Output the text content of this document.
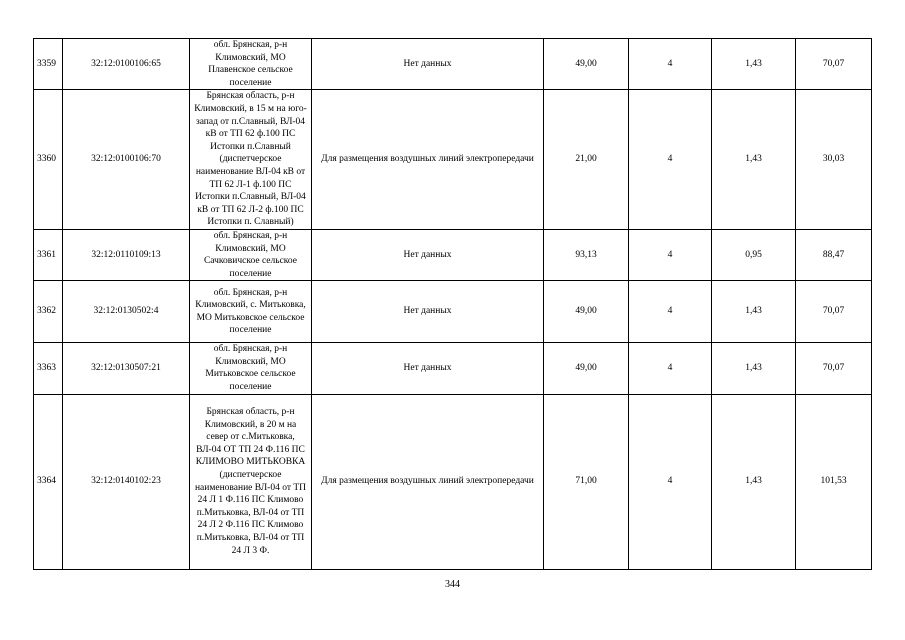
3359	32:12:0100106:65	обл. Брянская, р-н Климовский, МО Плавенское сельское поселение	Нет данных	49,00	4	1,43	70,07
3360	32:12:0100106:70	Брянская область, р-н Климовский, в 15 м на юго-запад от п.Славный, ВЛ-04 кВ от ТП 62 ф.100 ПС Истопки п.Славный (диспетчерское наименование ВЛ-04 кВ от ТП 62 Л-1 ф.100 ПС Истопки п.Славный, ВЛ-04 кВ от ТП 62 Л-2 ф.100 ПС Истопки п. Славный)	Для размещения воздушных линий электропередачи	21,00	4	1,43	30,03
3361	32:12:0110109:13	обл. Брянская, р-н Климовский, МО Сачковичское сельское поселение	Нет данных	93,13	4	0,95	88,47
3362	32:12:0130502:4	обл. Брянская, р-н Климовский, с. Митьковка, МО Митьковское сельское поселение	Нет данных	49,00	4	1,43	70,07
3363	32:12:0130507:21	обл. Брянская, р-н Климовский, МО Митьковское сельское поселение	Нет данных	49,00	4	1,43	70,07
3364	32:12:0140102:23	Брянская область, р-н Климовский, в 20 м на север от с.Митьковка, ВЛ-04 ОТ ТП 24 Ф.116 ПС КЛИМОВО МИТЬКОВКА (диспетчерское наименование ВЛ-04 от ТП 24 Л 1 Ф.116 ПС Климово п.Митьковка, ВЛ-04 от ТП 24 Л 2 Ф.116 ПС Климово п.Митьковка, ВЛ-04 от ТП 24 Л 3 Ф.	Для размещения воздушных линий электропередачи	71,00	4	1,43	101,53
344
